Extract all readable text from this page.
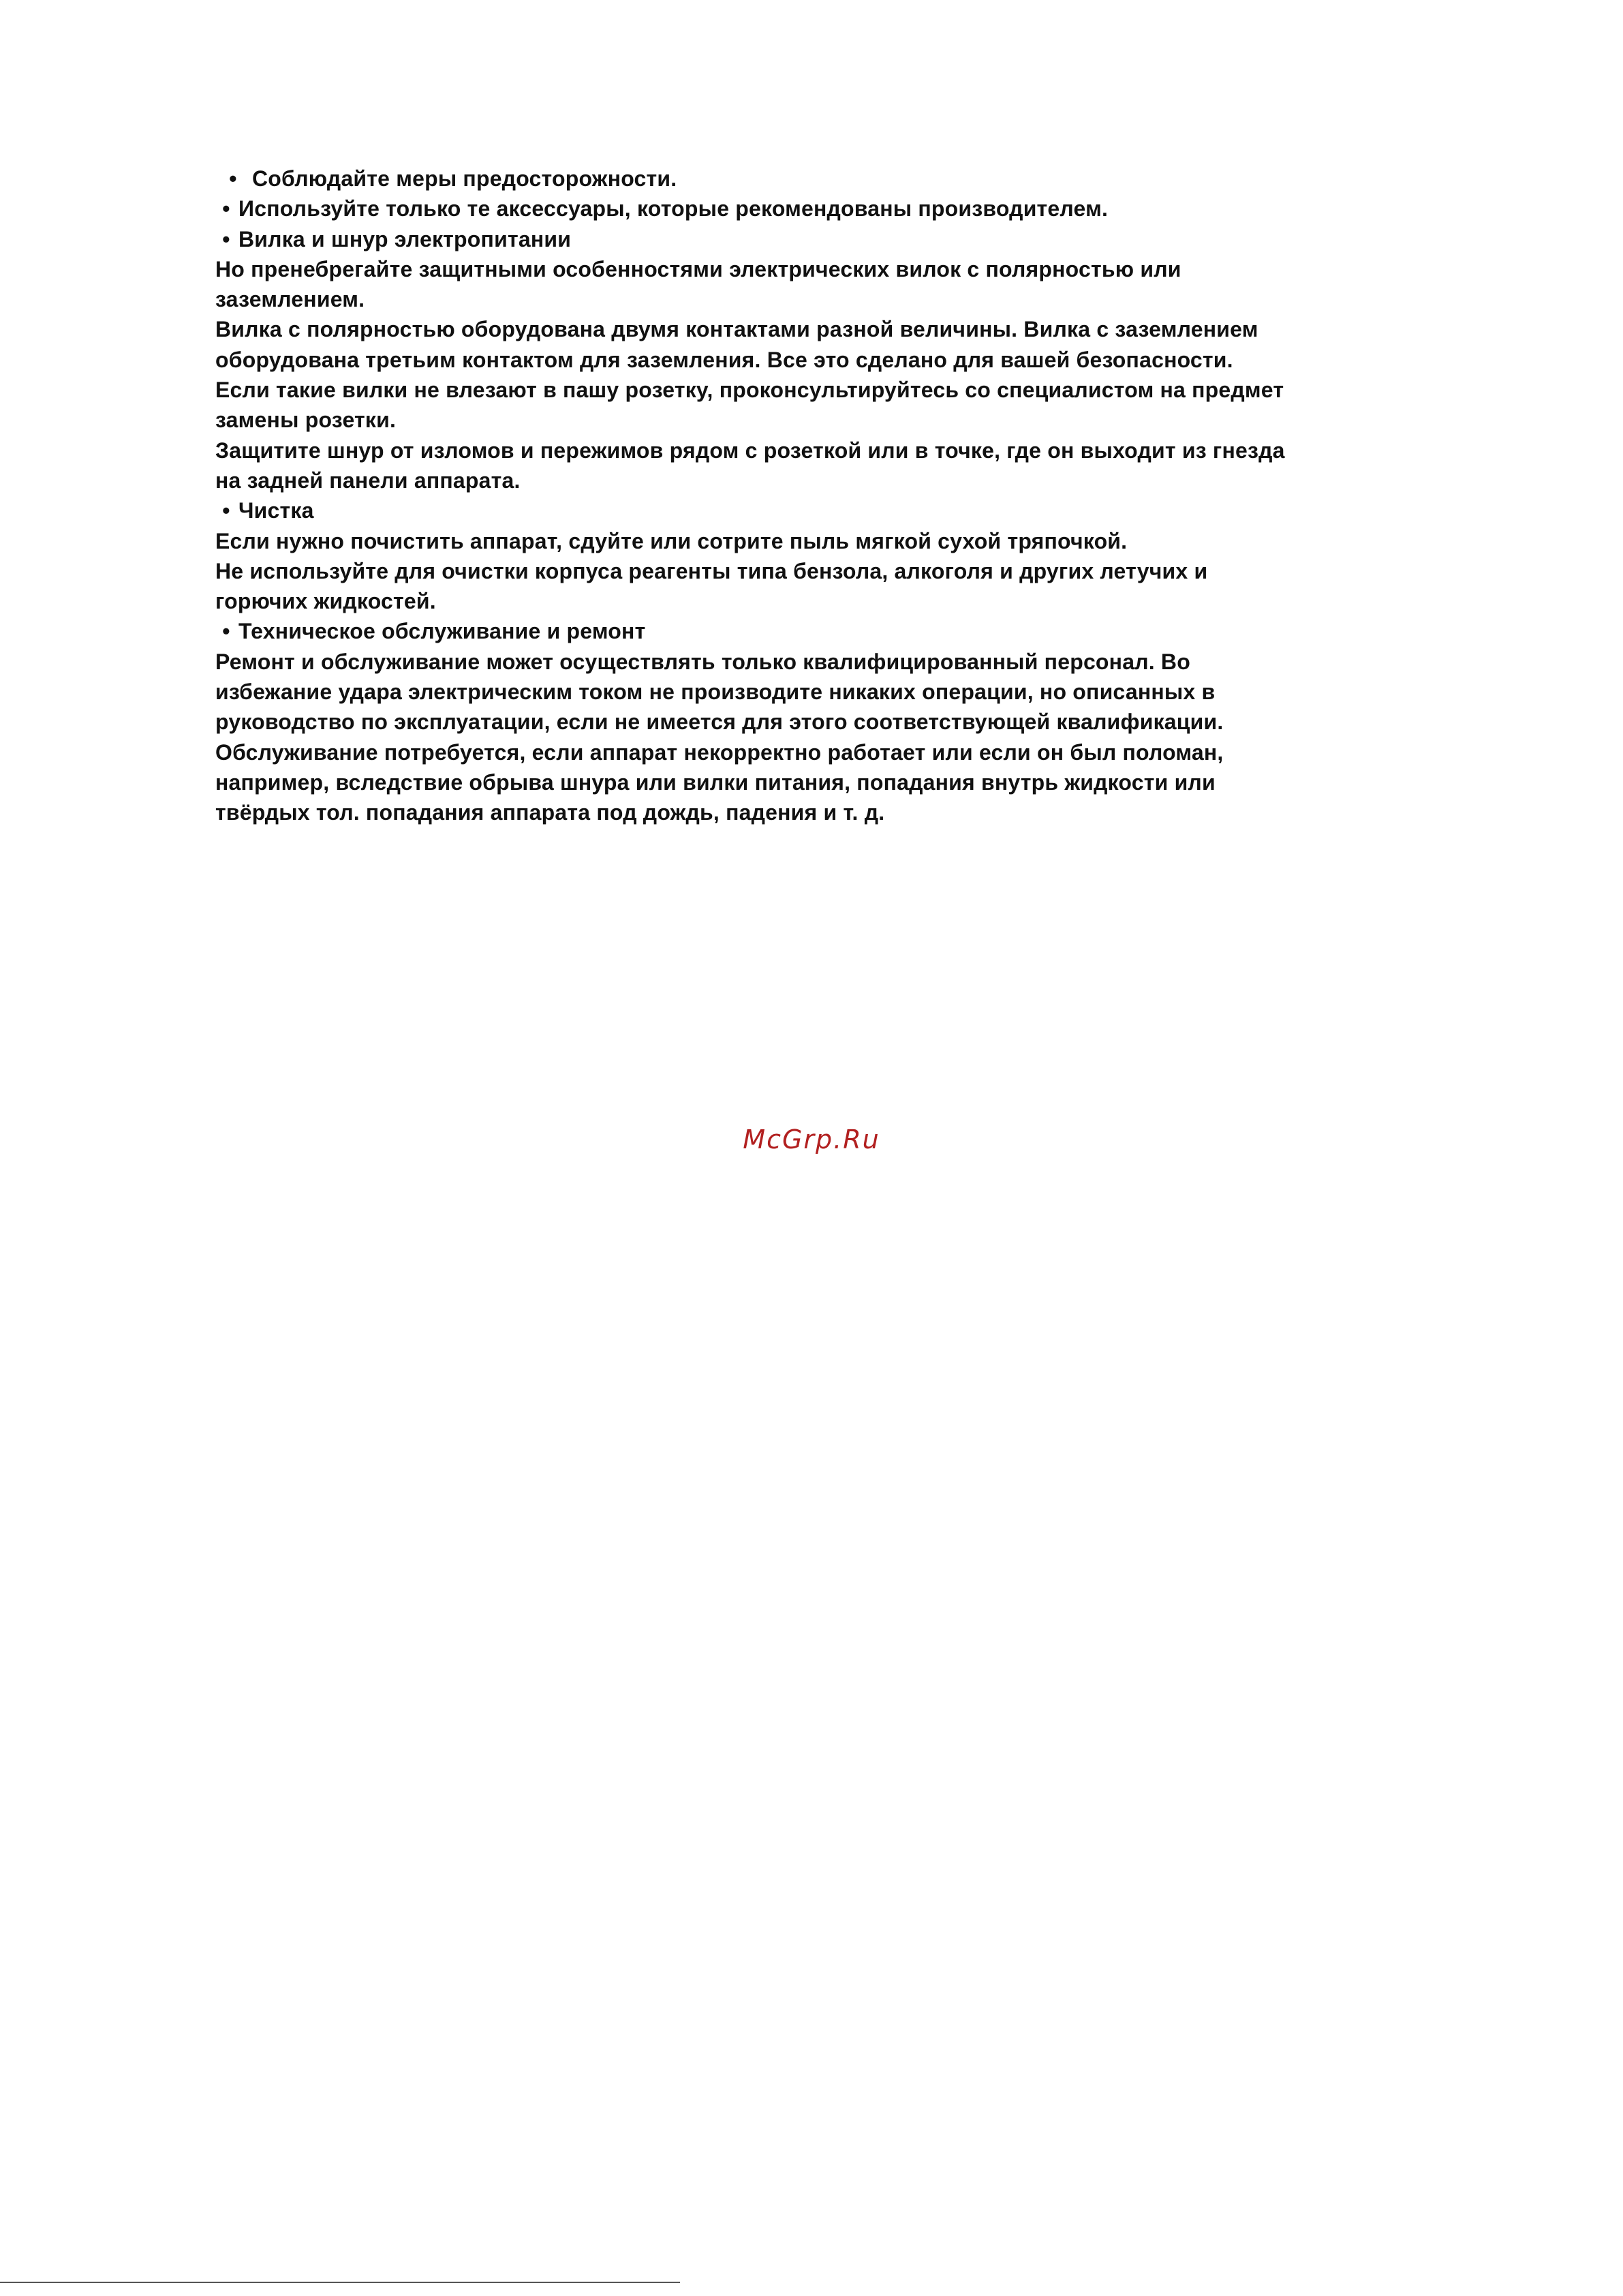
• Соблюдайте меры предосторожности.
• Используйте только те аксессуары, которые рекомендованы производителем.
• Вилка и шнур электропитании
Но пренебрегайте защитными особенностями электрических вилок с полярностью или
заземлением.
Вилка с полярностью оборудована двумя контактами разной величины. Вилка с заземлением
оборудована третьим контактом для заземления. Все это сделано для вашей безопасности.
Если такие вилки не влезают в пашу розетку, проконсультируйтесь со специалистом на предмет
замены розетки.
Защитите шнур от изломов и пережимов рядом с розеткой или в точке, где он выходит из гнезда
на задней панели аппарата.
• Чистка
Если нужно почистить аппарат, сдуйте или сотрите пыль мягкой сухой тряпочкой.
Не используйте для очистки корпуса реагенты типа бензола, алкоголя и других летучих и
горючих жидкостей.
• Техническое обслуживание и ремонт
Ремонт и обслуживание может осуществлять только квалифицированный персонал. Во
избежание удара электрическим током не производите никаких операции, но описанных в
руководство по эксплуатации, если не имеется для этого соответствующей квалификации.
Обслуживание потребуется, если аппарат некорректно работает или если он был поломан,
например, вследствие обрыва шнура или вилки питания, попадания внутрь жидкости или
твёрдых тол. попадания аппарата под дождь, падения и т. д.
McGrp.Ru
